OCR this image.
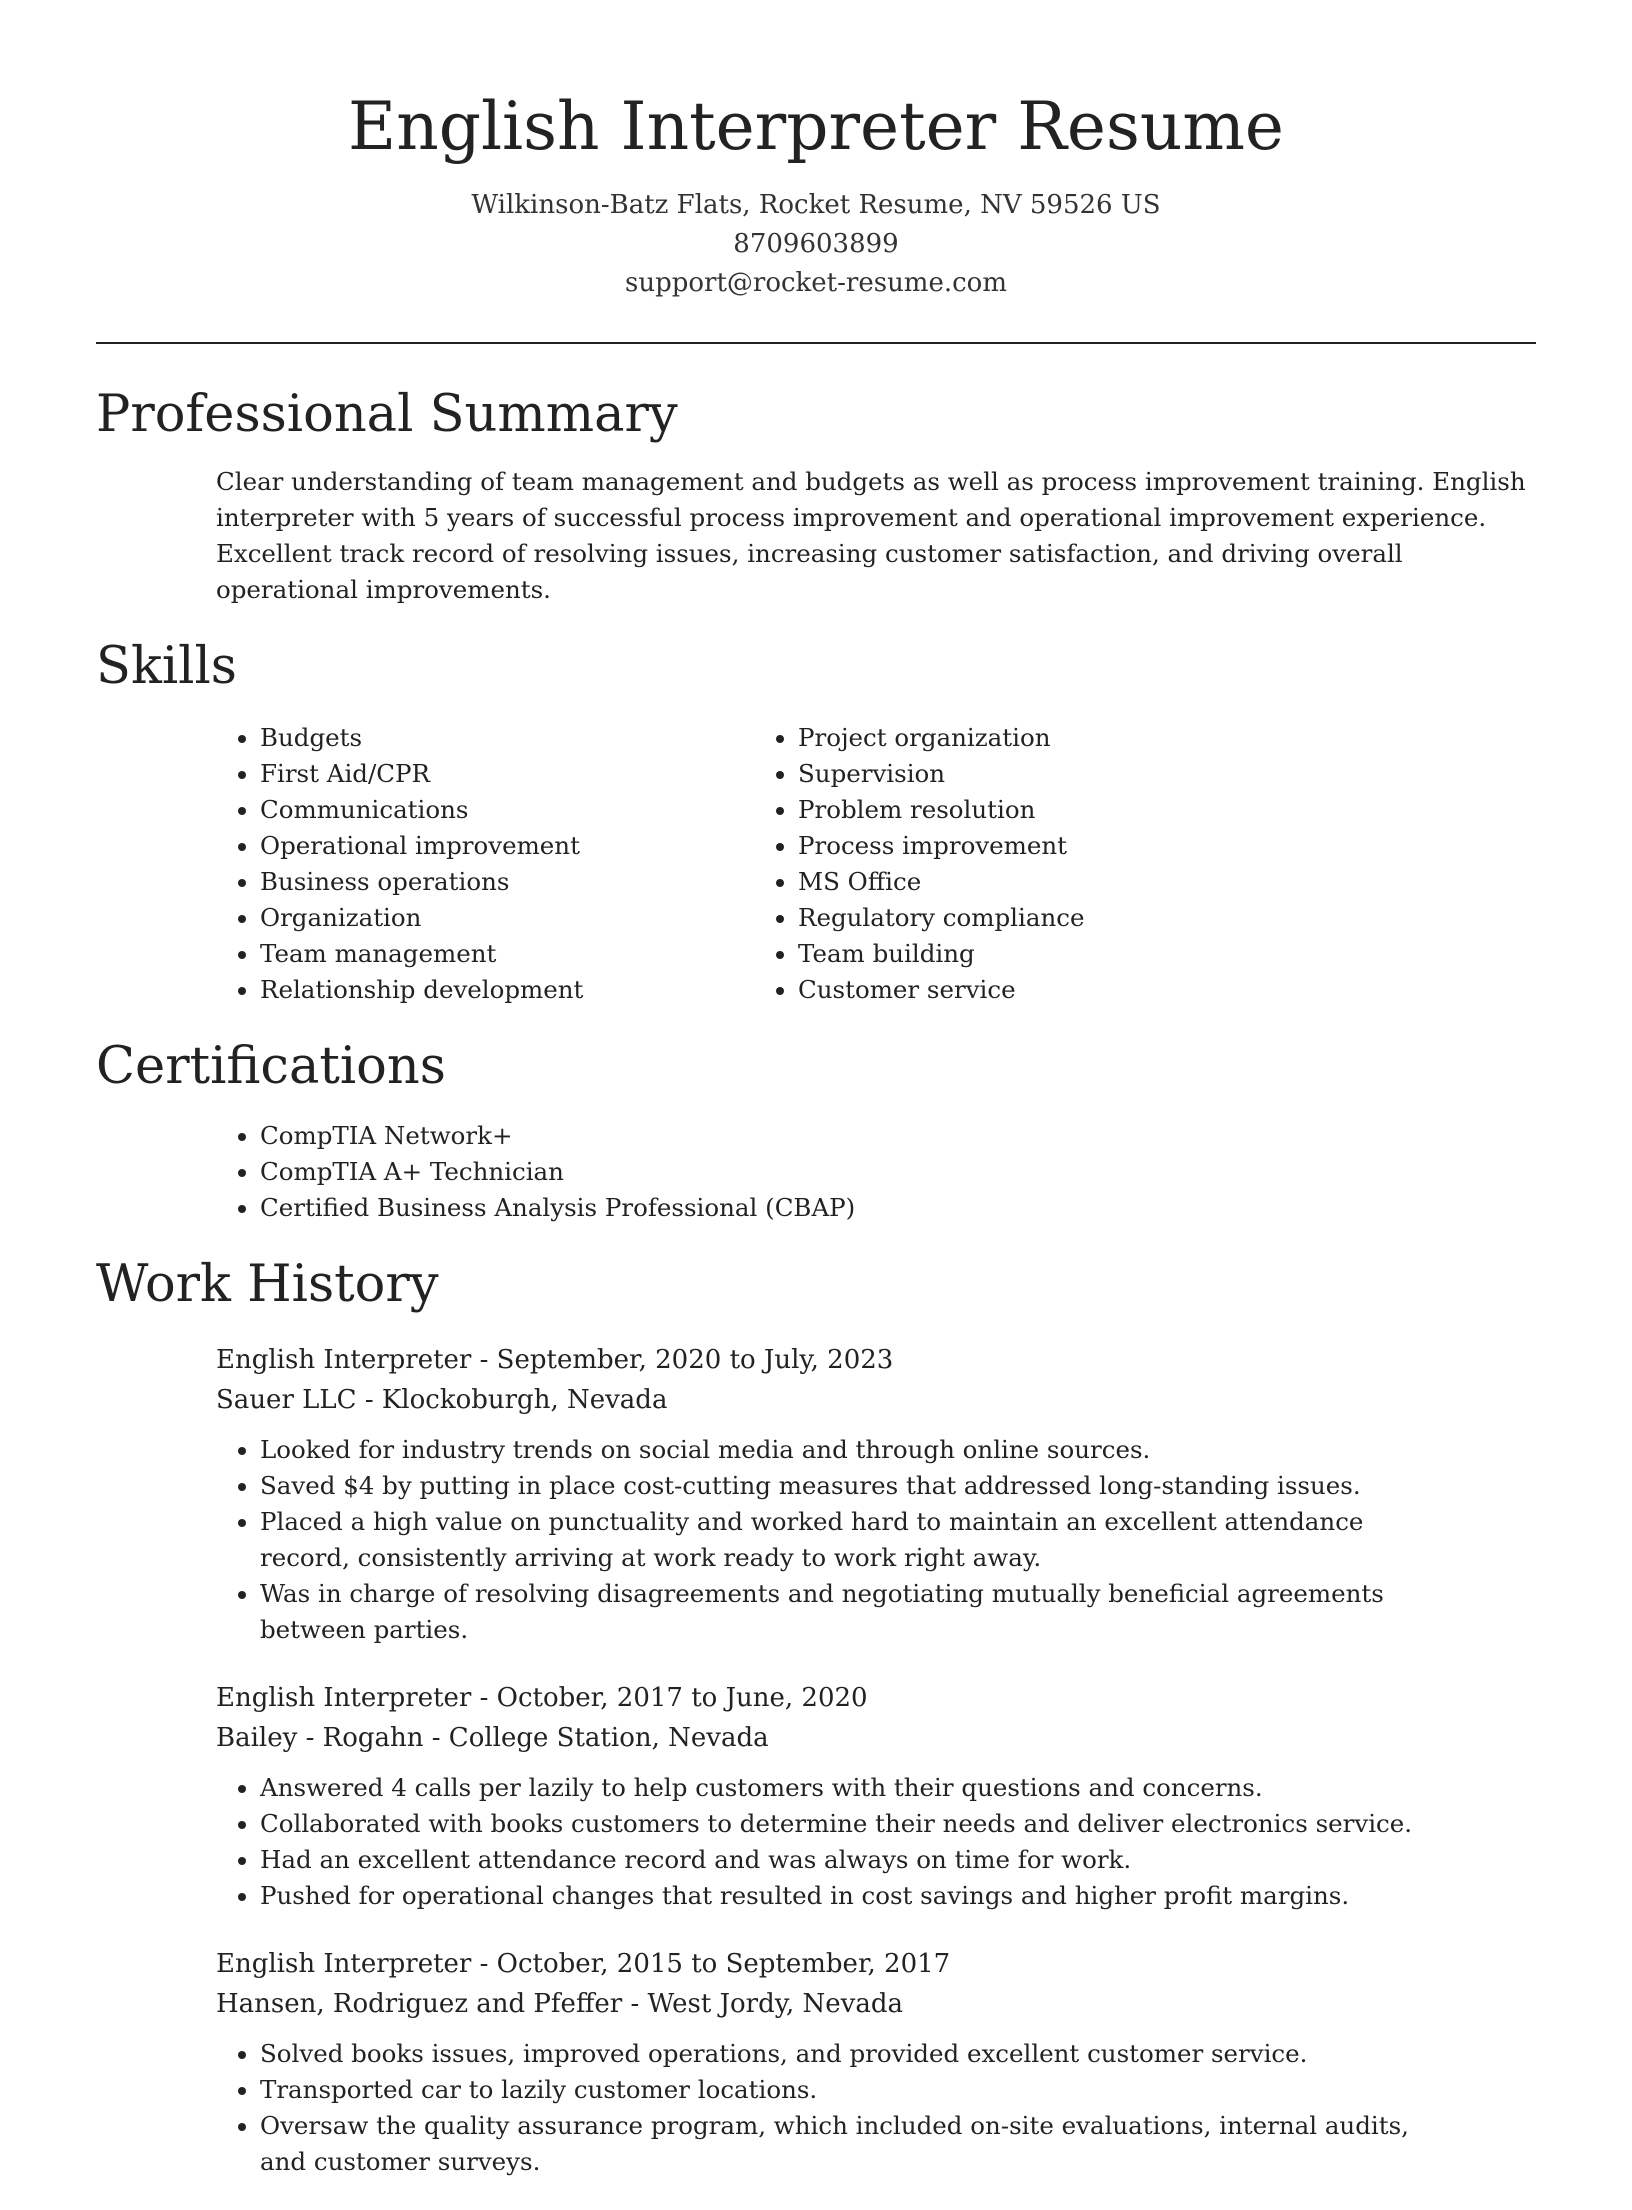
English Interpreter Resume
Wilkinson-Batz Flats, Rocket Resume, NV 59526 US
8709603899
support@rocket-resume.com
Professional Summary

Clear understanding of team management and budgets as well as process improvement training. English interpreter with 5 years of successful process improvement and operational improvement experience. Excellent track record of resolving issues, increasing customer satisfaction, and driving overall operational improvements.

Skills
• Budgets
• First Aid/CPR
• Communications
• Operational improvement
• Business operations
• Organization
• Team management
• Relationship development
• Project organization
• Supervision
• Problem resolution
• Process improvement
• MS Office
• Regulatory compliance
• Team building
• Customer service
Certifications
• CompTIA Network+
• CompTIA A+ Technician
• Certified Business Analysis Professional (CBAP)
Work History
English Interpreter - September, 2020 to July, 2023
Sauer LLC - Klockoburgh, Nevada
• Looked for industry trends on social media and through online sources.
• Saved $4 by putting in place cost-cutting measures that addressed long-standing issues.
• Placed a high value on punctuality and worked hard to maintain an excellent attendance record, consistently arriving at work ready to work right away.
• Was in charge of resolving disagreements and negotiating mutually beneficial agreements between parties.
English Interpreter - October, 2017 to June, 2020
Bailey - Rogahn - College Station, Nevada
• Answered 4 calls per lazily to help customers with their questions and concerns.
• Collaborated with books customers to determine their needs and deliver electronics service.
• Had an excellent attendance record and was always on time for work.
• Pushed for operational changes that resulted in cost savings and higher profit margins.
English Interpreter - October, 2015 to September, 2017
Hansen, Rodriguez and Pfeffer - West Jordy, Nevada
• Solved books issues, improved operations, and provided excellent customer service.
• Transported car to lazily customer locations.
• Oversaw the quality assurance program, which included on-site evaluations, internal audits, and customer surveys.
